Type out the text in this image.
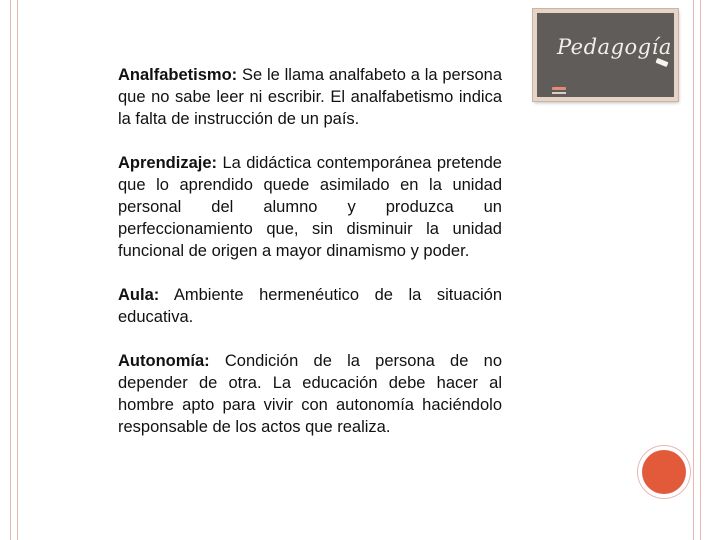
Pedagogía

Analfabetismo: Se le llama analfabeto a la persona que no sabe leer ni escribir. El analfabetismo indica la falta de instrucción de un país.

Aprendizaje: La didáctica contemporánea pretende que lo aprendido quede asimilado en la unidad personal del alumno y produzca un perfeccionamiento que, sin disminuir la unidad funcional de origen a mayor dinamismo y poder.

Aula: Ambiente hermenéutico de la situación educativa.

Autonomía: Condición de la persona de no depender de otra. La educación debe hacer al hombre apto para vivir con autonomía haciéndolo responsable de los actos que realiza.
